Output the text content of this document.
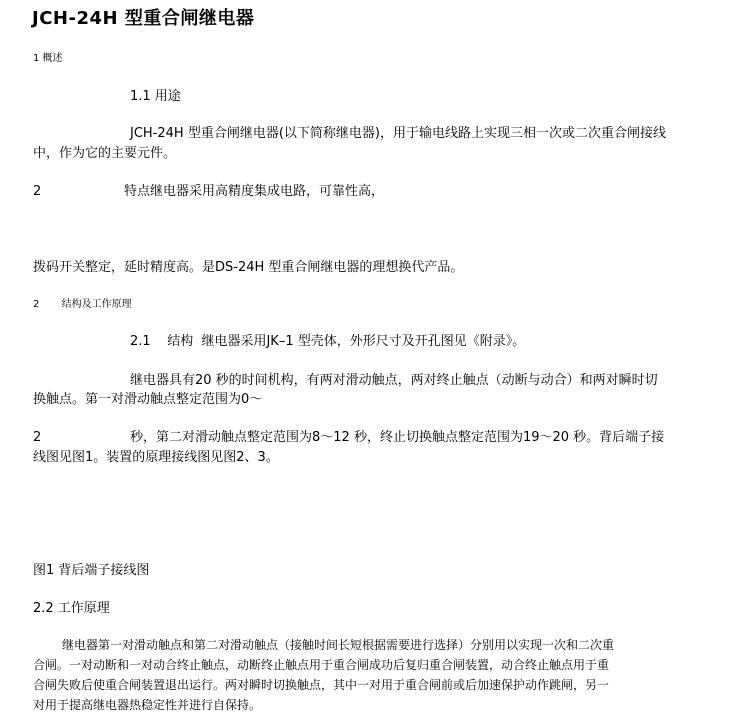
JCH-24H 型重合闸继电器
1 概述
1.1 用途
JCH-24H 型重合闸继电器(以下简称继电器)，用于输电线路上实现三相一次或二次重合闸接线
中，作为它的主要元件。
2	特点继电器采用高精度集成电路，可靠性高，
拨码开关整定，延时精度高。是DS-24H 型重合闸继电器的理想换代产品。
2       结构及工作原理
2.1    结构  继电器采用JK–1 型壳体，外形尺寸及开孔图见《附录》。
继电器具有20 秒的时间机构，有两对滑动触点，两对终止触点（动断与动合）和两对瞬时切
换触点。第一对滑动触点整定范围为0〜
2	秒，第二对滑动触点整定范围为8〜12 秒，终止切换触点整定范围为19〜20 秒。背后端子接
线图见图1。装置的原理接线图见图2、3。
图1 背后端子接线图
2.2 工作原理
继电器第一对滑动触点和第二对滑动触点（接触时间长短根据需要进行选择）分别用以实现一次和二次重
合闸。一对动断和一对动合终止触点，动断终止触点用于重合闸成功后复归重合闸装置，动合终止触点用于重
合闸失败后使重合闸装置退出运行。两对瞬时切换触点，其中一对用于重合闸前或后加速保护动作跳闸，另一
对用于提高继电器热稳定性并进行自保持。
